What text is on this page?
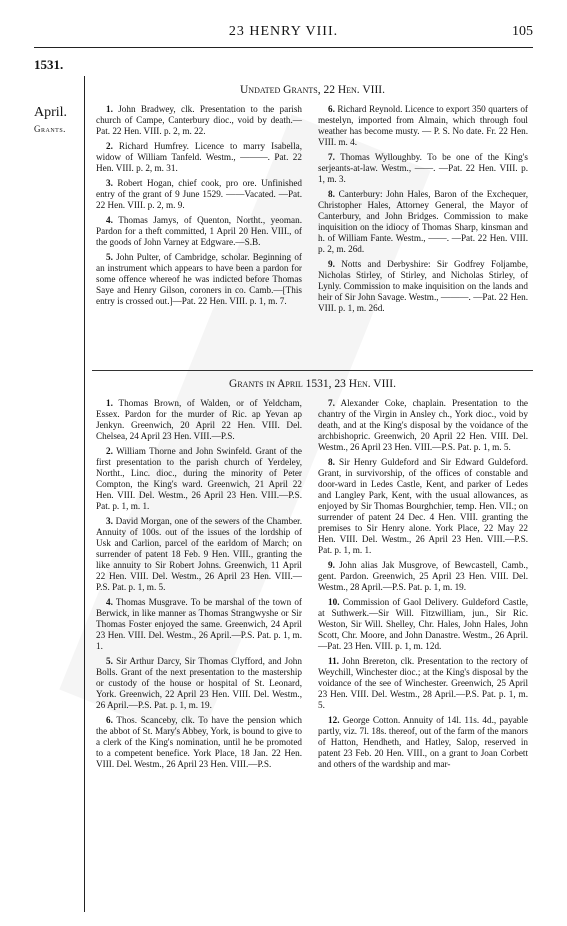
23 HENRY VIII.	105
1531.
April.
Grants.
Undated Grants, 22 Hen. VIII.

1. John Bradwey, clk. Presentation to the parish church of Campe, Canterbury dioc., void by death.—Pat. 22 Hen. VIII. p. 2, m. 22.

2. Richard Humfrey. Licence to marry Isabella, widow of William Tanfeld. Westm., ———. Pat. 22 Hen. VIII. p. 2, m. 31.

3. Robert Hogan, chief cook, pro ore. Unfinished entry of the grant of 9 June 1529. ——Vacated. —Pat. 22 Hen. VIII. p. 2, m. 9.

4. Thomas Jamys, of Quenton, Northt., yeoman. Pardon for a theft committed, 1 April 20 Hen. VIII., of the goods of John Varney at Edgware.—S.B.

5. John Pulter, of Cambridge, scholar. Beginning of an instrument which appears to have been a pardon for some offence whereof he was indicted before Thomas Saye and Henry Gilson, coroners in co. Camb.—[This entry is crossed out.]—Pat. 22 Hen. VIII. p. 1, m. 7.

6. Richard Reynold. Licence to export 350 quarters of mestelyn, imported from Almain, which through foul weather has become musty. — P. S. No date. Fr. 22 Hen. VIII. m. 4.

7. Thomas Wylloughby. To be one of the King's serjeants-at-law. Westm., ——. —Pat. 22 Hen. VIII. p. 1, m. 3.

8. Canterbury: John Hales, Baron of the Exchequer, Christopher Hales, Attorney General, the Mayor of Canterbury, and John Bridges. Commission to make inquisition on the idiocy of Thomas Sharp, kinsman and h. of William Fante. Westm., ——. —Pat. 22 Hen. VIII. p. 2, m. 26d.

9. Notts and Derbyshire: Sir Godfrey Foljambe, Nicholas Stirley, of Stirley, and Nicholas Stirley, of Lynly. Commission to make inquisition on the lands and heir of Sir John Savage. Westm., ———. —Pat. 22 Hen. VIII. p. 1, m. 26d.

Grants in April 1531, 23 Hen. VIII.

1. Thomas Brown, of Walden, or of Yeldcham, Essex. Pardon for the murder of Ric. ap Yevan ap Jenkyn. Greenwich, 20 April 22 Hen. VIII. Del. Chelsea, 24 April 23 Hen. VIII.—P.S.

2. William Thorne and John Swinfeld. Grant of the first presentation to the parish church of Yerdeley, Northt., Linc. dioc., during the minority of Peter Compton, the King's ward. Greenwich, 21 April 22 Hen. VIII. Del. Westm., 26 April 23 Hen. VIII.—P.S. Pat. p. 1, m. 1.

3. David Morgan, one of the sewers of the Chamber. Annuity of 100s. out of the issues of the lordship of Usk and Carlion, parcel of the earldom of March; on surrender of patent 18 Feb. 9 Hen. VIII., granting the like annuity to Sir Robert Johns. Greenwich, 11 April 22 Hen. VIII. Del. Westm., 26 April 23 Hen. VIII.—P.S. Pat. p. 1, m. 5.

4. Thomas Musgrave. To be marshal of the town of Berwick, in like manner as Thomas Strangwyshe or Sir Thomas Foster enjoyed the same. Greenwich, 24 April 23 Hen. VIII. Del. Westm., 26 April.—P.S. Pat. p. 1, m. 1.

5. Sir Arthur Darcy, Sir Thomas Clyfford, and John Bolls. Grant of the next presentation to the mastership or custody of the house or hospital of St. Leonard, York. Greenwich, 22 April 23 Hen. VIII. Del. Westm., 26 April.—P.S. Pat. p. 1, m. 19.

6. Thos. Scanceby, clk. To have the pension which the abbot of St. Mary's Abbey, York, is bound to give to a clerk of the King's nomination, until he be promoted to a competent benefice. York Place, 18 Jan. 22 Hen. VIII. Del. Westm., 26 April 23 Hen. VIII.—P.S.

7. Alexander Coke, chaplain. Presentation to the chantry of the Virgin in Ansley ch., York dioc., void by death, and at the King's disposal by the voidance of the archbishopric. Greenwich, 20 April 22 Hen. VIII. Del. Westm., 26 April 23 Hen. VIII.—P.S. Pat. p. 1, m. 5.

8. Sir Henry Guldeford and Sir Edward Guldeford. Grant, in survivorship, of the offices of constable and door-ward in Ledes Castle, Kent, and parker of Ledes and Langley Park, Kent, with the usual allowances, as enjoyed by Sir Thomas Bourghchier, temp. Hen. VII.; on surrender of patent 24 Dec. 4 Hen. VIII. granting the premises to Sir Henry alone. York Place, 22 May 22 Hen. VIII. Del. Westm., 26 April 23 Hen. VIII.—P.S. Pat. p. 1, m. 1.

9. John alias Jak Musgrove, of Bewcastell, Camb., gent. Pardon. Greenwich, 25 April 23 Hen. VIII. Del. Westm., 28 April.—P.S. Pat. p. 1, m. 19.

10. Commission of Gaol Delivery. Guldeford Castle, at Suthwerk.—Sir Will. Fitzwilliam, jun., Sir Ric. Weston, Sir Will. Shelley, Chr. Hales, John Hales, John Scott, Chr. Moore, and John Danastre. Westm., 26 April.—Pat. 23 Hen. VIII. p. 1, m. 12d.

11. John Brereton, clk. Presentation to the rectory of Weychill, Winchester dioc.; at the King's disposal by the voidance of the see of Winchester. Greenwich, 25 April 23 Hen. VIII. Del. Westm., 28 April.—P.S. Pat. p. 1, m. 5.

12. George Cotton. Annuity of 14l. 11s. 4d., payable partly, viz. 7l. 18s. thereof, out of the farm of the manors of Hatton, Hendheth, and Hatley, Salop, reserved in patent 23 Feb. 20 Hen. VIII., on a grant to Joan Corbett and others of the wardship and mar-
